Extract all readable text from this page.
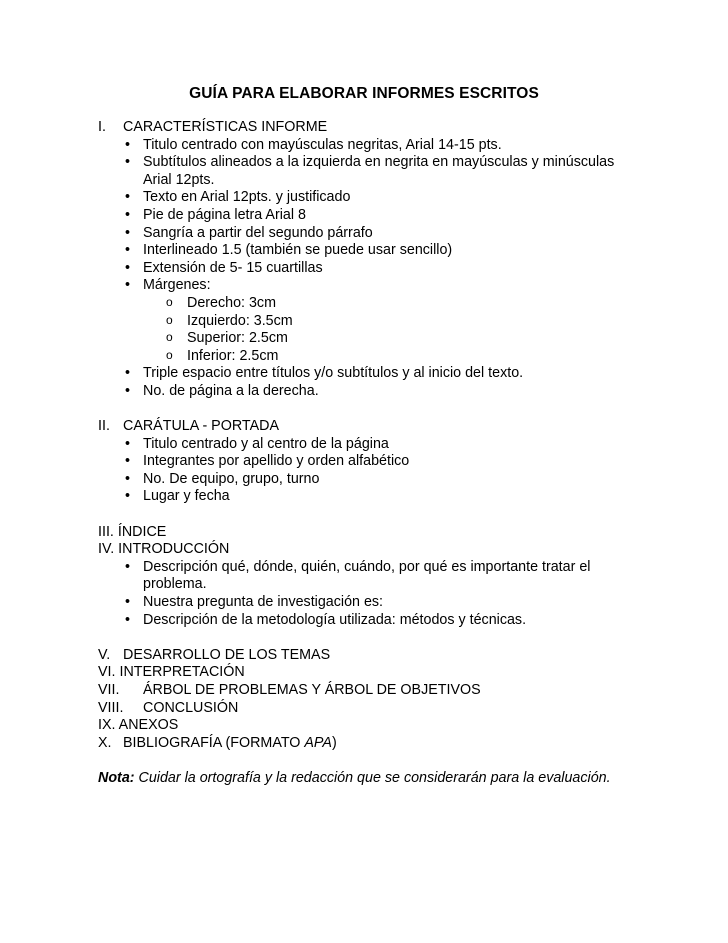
GUÍA PARA ELABORAR INFORMES ESCRITOS
I. CARACTERÍSTICAS INFORME
• Titulo centrado con mayúsculas negritas, Arial 14-15 pts.
• Subtítulos alineados a la izquierda en negrita en mayúsculas y minúsculas
Arial 12pts.
• Texto en Arial 12pts. y justificado
• Pie de página letra Arial 8
• Sangría a partir del segundo párrafo
• Interlineado 1.5 (también se puede usar sencillo)
• Extensión de 5- 15 cuartillas
• Márgenes:
o Derecho: 3cm
o Izquierdo: 3.5cm
o Superior: 2.5cm
o Inferior: 2.5cm
• Triple espacio entre títulos y/o subtítulos y al inicio del texto.
• No. de página a la derecha.
II. CARÁTULA - PORTADA
• Titulo centrado y al centro de la página
• Integrantes por apellido y orden alfabético
• No. De equipo, grupo, turno
• Lugar y fecha
III. ÍNDICE
IV. INTRODUCCIÓN
• Descripción qué, dónde, quién, cuándo, por qué es importante tratar el
problema.
• Nuestra pregunta de investigación es:
• Descripción de la metodología utilizada: métodos y técnicas.
V. DESARROLLO DE LOS TEMAS
VI. INTERPRETACIÓN
VII. ÁRBOL DE PROBLEMAS Y ÁRBOL DE OBJETIVOS
VIII. CONCLUSIÓN
IX. ANEXOS
X. BIBLIOGRAFÍA (FORMATO APA)
Nota: Cuidar la ortografía y la redacción que se considerarán para la evaluación.
